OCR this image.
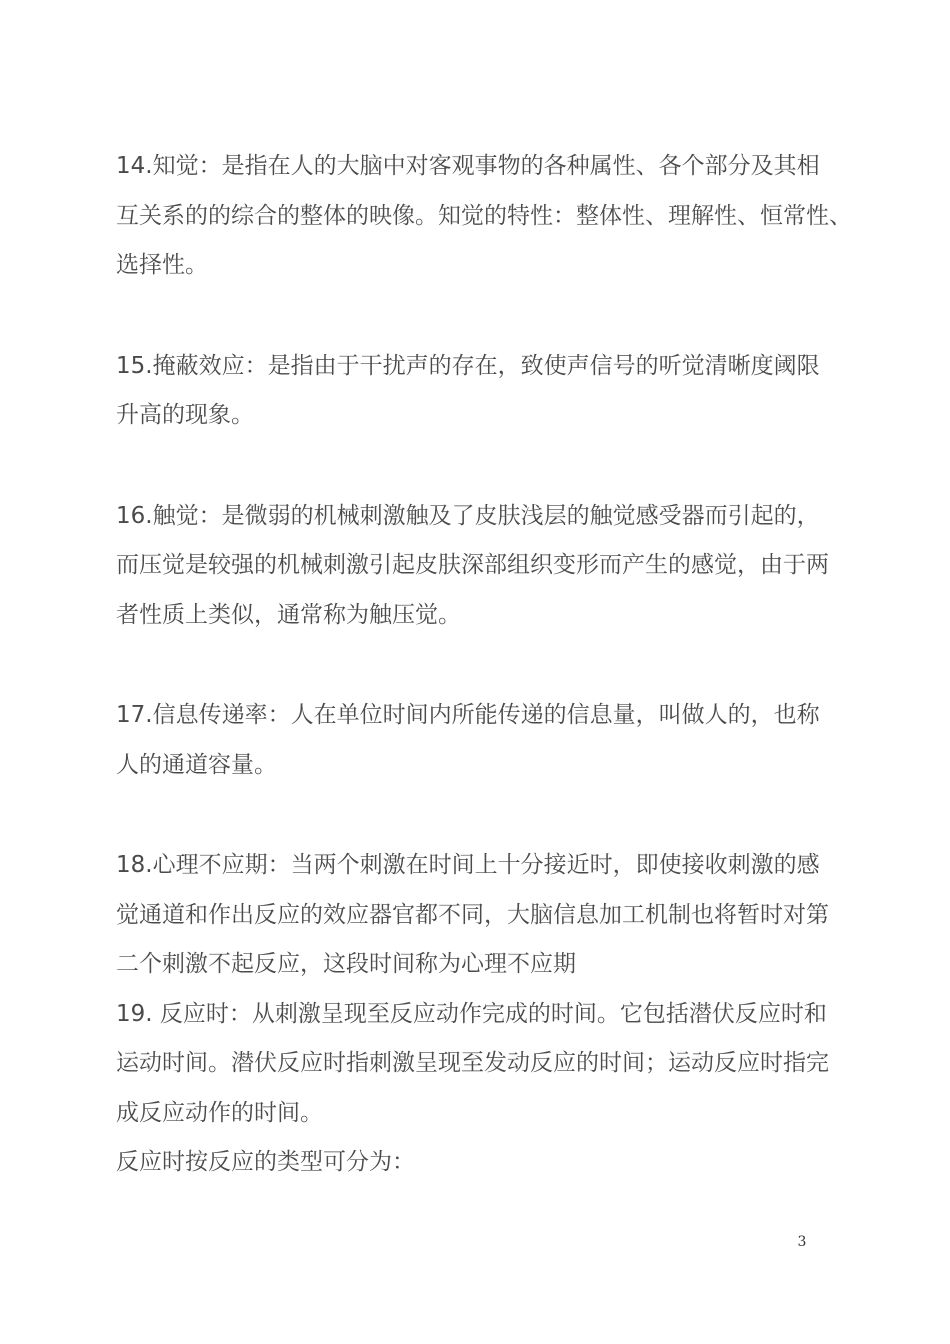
14.知觉：是指在人的大脑中对客观事物的各种属性、各个部分及其相
互关系的的综合的整体的映像。知觉的特性：整体性、理解性、恒常性、
选择性。
15.掩蔽效应：是指由于干扰声的存在，致使声信号的听觉清晰度阈限
升高的现象。
16.触觉：是微弱的机械刺激触及了皮肤浅层的触觉感受器而引起的，
而压觉是较强的机械刺激引起皮肤深部组织变形而产生的感觉，由于两
者性质上类似，通常称为触压觉。
17.信息传递率：人在单位时间内所能传递的信息量，叫做人的，也称
人的通道容量。
18.心理不应期：当两个刺激在时间上十分接近时，即使接收刺激的感
觉通道和作出反应的效应器官都不同，大脑信息加工机制也将暂时对第
二个刺激不起反应，这段时间称为心理不应期
19. 反应时：从刺激呈现至反应动作完成的时间。它包括潜伏反应时和
运动时间。潜伏反应时指刺激呈现至发动反应的时间；运动反应时指完
成反应动作的时间。
反应时按反应的类型可分为：
3
